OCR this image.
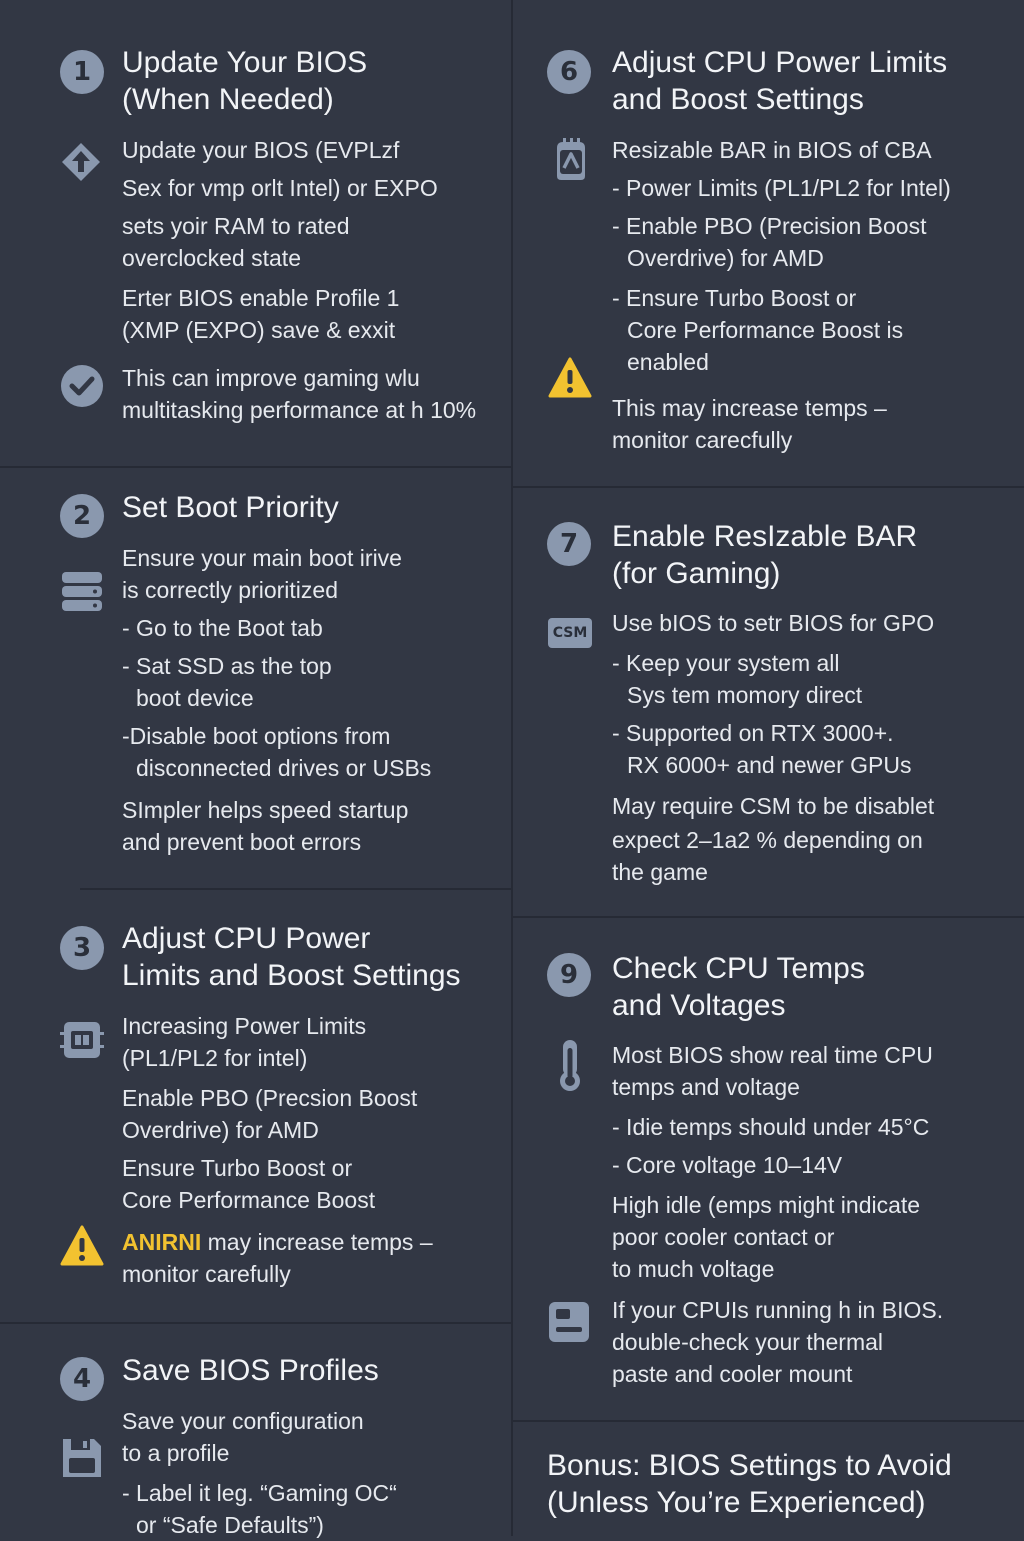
1	Update Your BIOS
(When Needed)
Update your BIOS (EVPLzf
Sex for vmp orlt Intel) or EXPO
sets yoir RAM to rated
overclocked state
Erter BIOS enable Profile 1
(XMP (EXPO) save & exxit
This can improve gaming wlu
multitasking performance at h 10%
2	Set Boot Priority
Ensure your main boot irive
is correctly prioritized
- Go to the Boot tab
- Sat SSD as the top
boot device
-Disable boot options from
disconnected drives or USBs
SImpler helps speed startup
and prevent boot errors
3	Adjust CPU Power
Limits and Boost Settings
Increasing Power Limits
(PL1/PL2 for intel)
Enable PBO (Precsion Boost
Overdrive) for AMD
Ensure Turbo Boost or
Core Performance Boost
ANIRNI may increase temps –
monitor carefully
4	Save BIOS Profiles
Save your configuration
to a profile
- Label it leg. “Gaming OC“
or “Safe Defaults”)
6	Adjust CPU Power Limits
and Boost Settings
Resizable BAR in BIOS of CBA
- Power Limits (PL1/PL2 for Intel)
- Enable PBO (Precision Boost
Overdrive) for AMD
- Ensure Turbo Boost or
Core Performance Boost is
enabled
This may increase temps –
monitor carecfully
7	Enable ResIzable BAR
(for Gaming)
CSM Use bIOS to setr BIOS for GPO
- Keep your system all
Sys tem momory direct
- Supported on RTX 3000+.
RX 6000+ and newer GPUs
May require CSM to be disablet
expect 2–1a2 % depending on
the game
9	Check CPU Temps
and Voltages
Most BIOS show real time CPU
temps and voltage
- Idie temps should under 45°C
- Core voltage 10–14V
High idle (emps might indicate
poor cooler contact or
to much voltage
If your CPUIs running h in BIOS.
double-check your thermal
paste and cooler mount
Bonus: BIOS Settings to Avoid
(Unless You’re Experienced)
